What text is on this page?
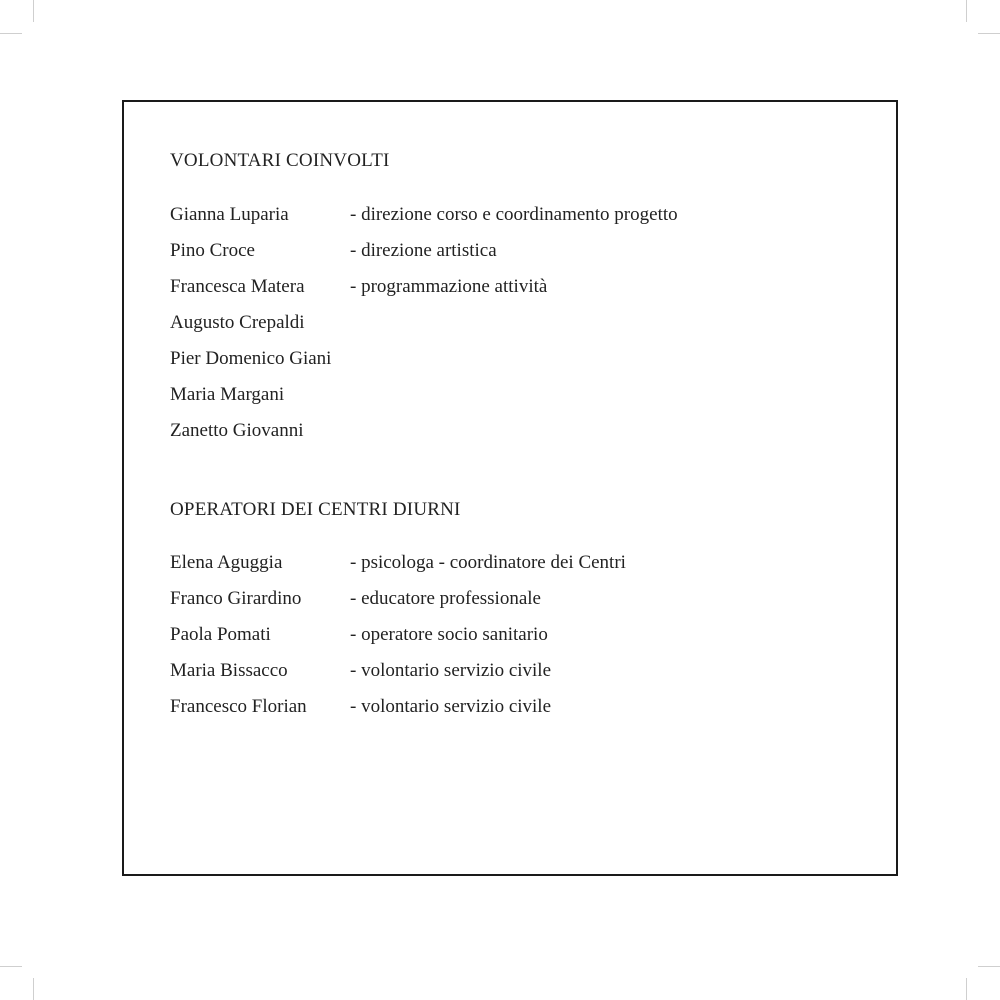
VOLONTARI COINVOLTI
Gianna Luparia	- direzione corso e coordinamento progetto
Pino Croce	- direzione artistica
Francesca Matera	- programmazione attività
Augusto Crepaldi
Pier Domenico Giani
Maria Margani
Zanetto Giovanni
OPERATORI DEI CENTRI DIURNI
Elena Aguggia	- psicologa - coordinatore dei Centri
Franco Girardino	- educatore professionale
Paola Pomati	- operatore socio sanitario
Maria Bissacco	- volontario servizio civile
Francesco Florian	- volontario servizio civile
